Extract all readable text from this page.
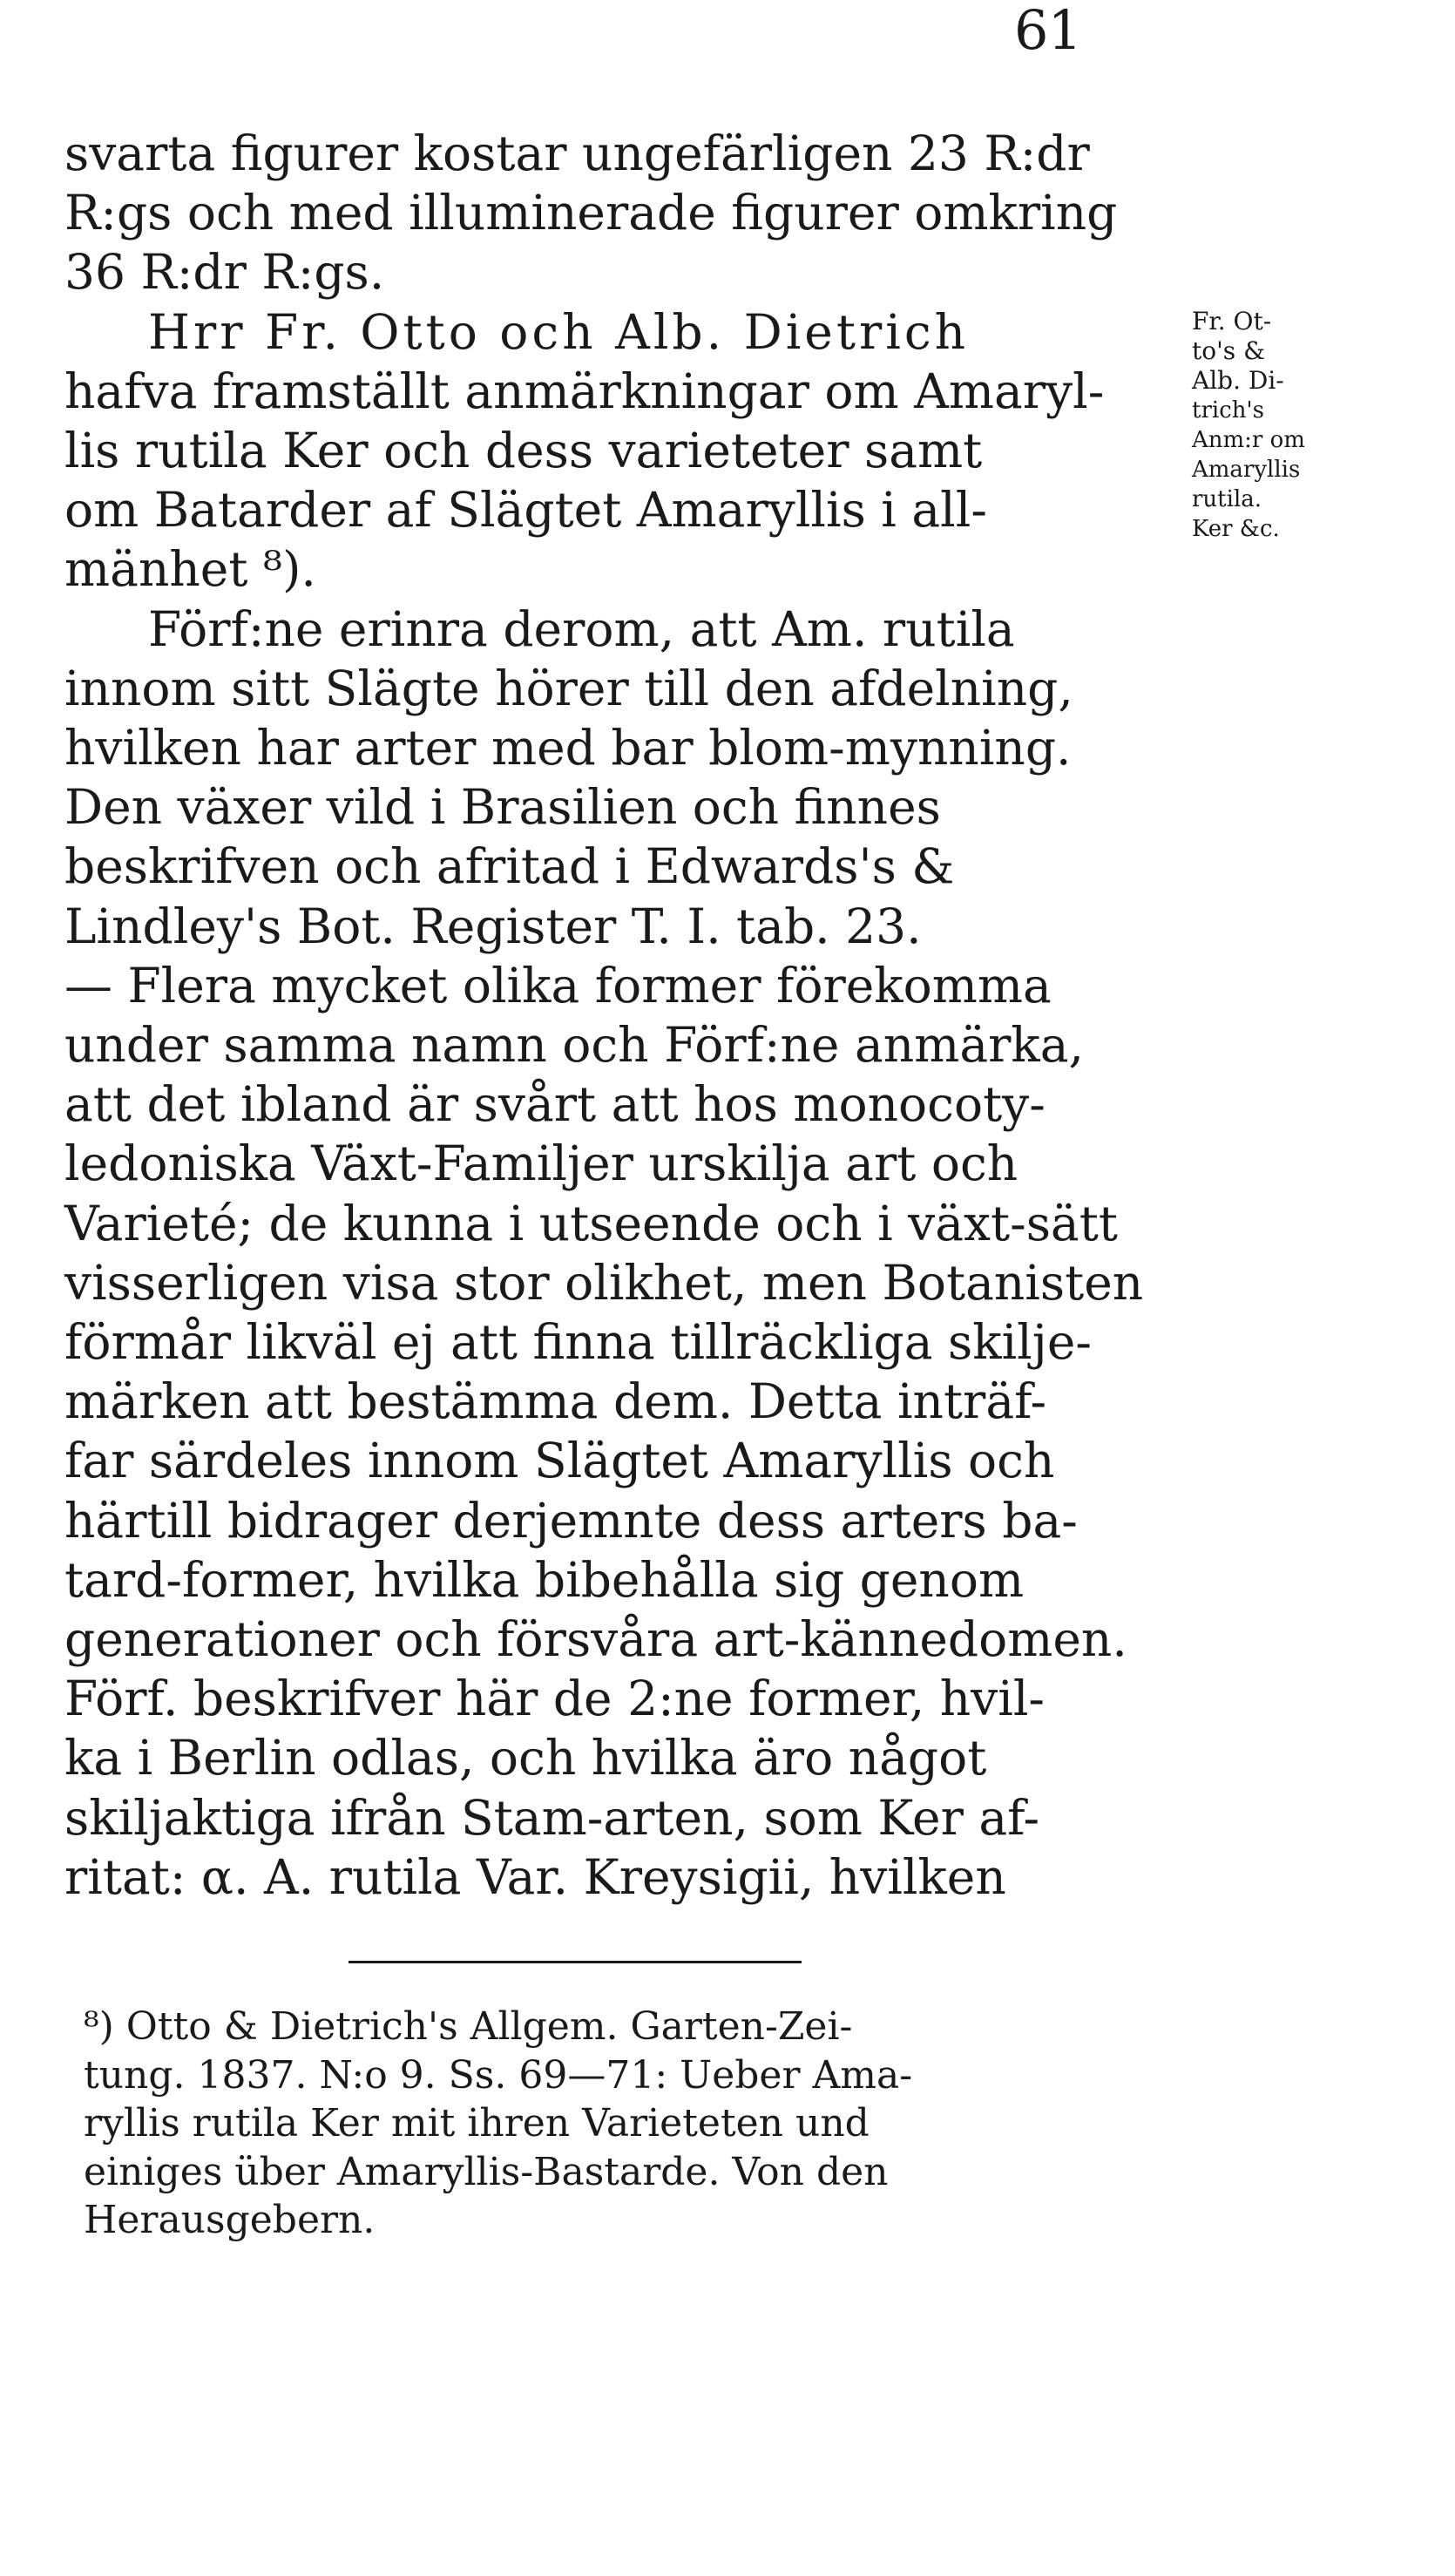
61
svarta figurer kostar ungefärligen 23 R:dr
R:gs och med illuminerade figurer omkring
36 R:dr R:gs.
Hrr Fr. Otto och Alb. Dietrich
hafva framställt anmärkningar om Amaryl-
lis rutila Ker och dess varieteter samt
om Batarder af Slägtet Amaryllis i all-
mänhet ⁸).
Förf:ne erinra derom, att Am. rutila
innom sitt Slägte hörer till den afdelning,
hvilken har arter med bar blom-mynning.
Den växer vild i Brasilien och finnes
beskrifven och afritad i Edwards's &
Lindley's Bot. Register T. I. tab. 23.
— Flera mycket olika former förekomma
under samma namn och Förf:ne anmärka,
att det ibland är svårt att hos monocoty-
ledoniska Växt-Familjer urskilja art och
Varieté; de kunna i utseende och i växt-sätt
visserligen visa stor olikhet, men Botanisten
förmår likväl ej att finna tillräckliga skilje-
märken att bestämma dem. Detta inträf-
far särdeles innom Slägtet Amaryllis och
härtill bidrager derjemnte dess arters ba-
tard-former, hvilka bibehålla sig genom
generationer och försvåra art-kännedomen.
Förf. beskrifver här de 2:ne former, hvil-
ka i Berlin odlas, och hvilka äro något
skiljaktiga ifrån Stam-arten, som Ker af-
ritat: α. A. rutila Var. Kreysigii, hvilken
Fr. Ot-
to's &
Alb. Di-
trich's
Anm:r om
Amaryllis
rutila.
Ker &c.
⁸) Otto & Dietrich's Allgem. Garten-Zei-
tung. 1837. N:o 9. Ss. 69—71: Ueber Ama-
ryllis rutila Ker mit ihren Varieteten und
einiges über Amaryllis-Bastarde. Von den
Herausgebern.
